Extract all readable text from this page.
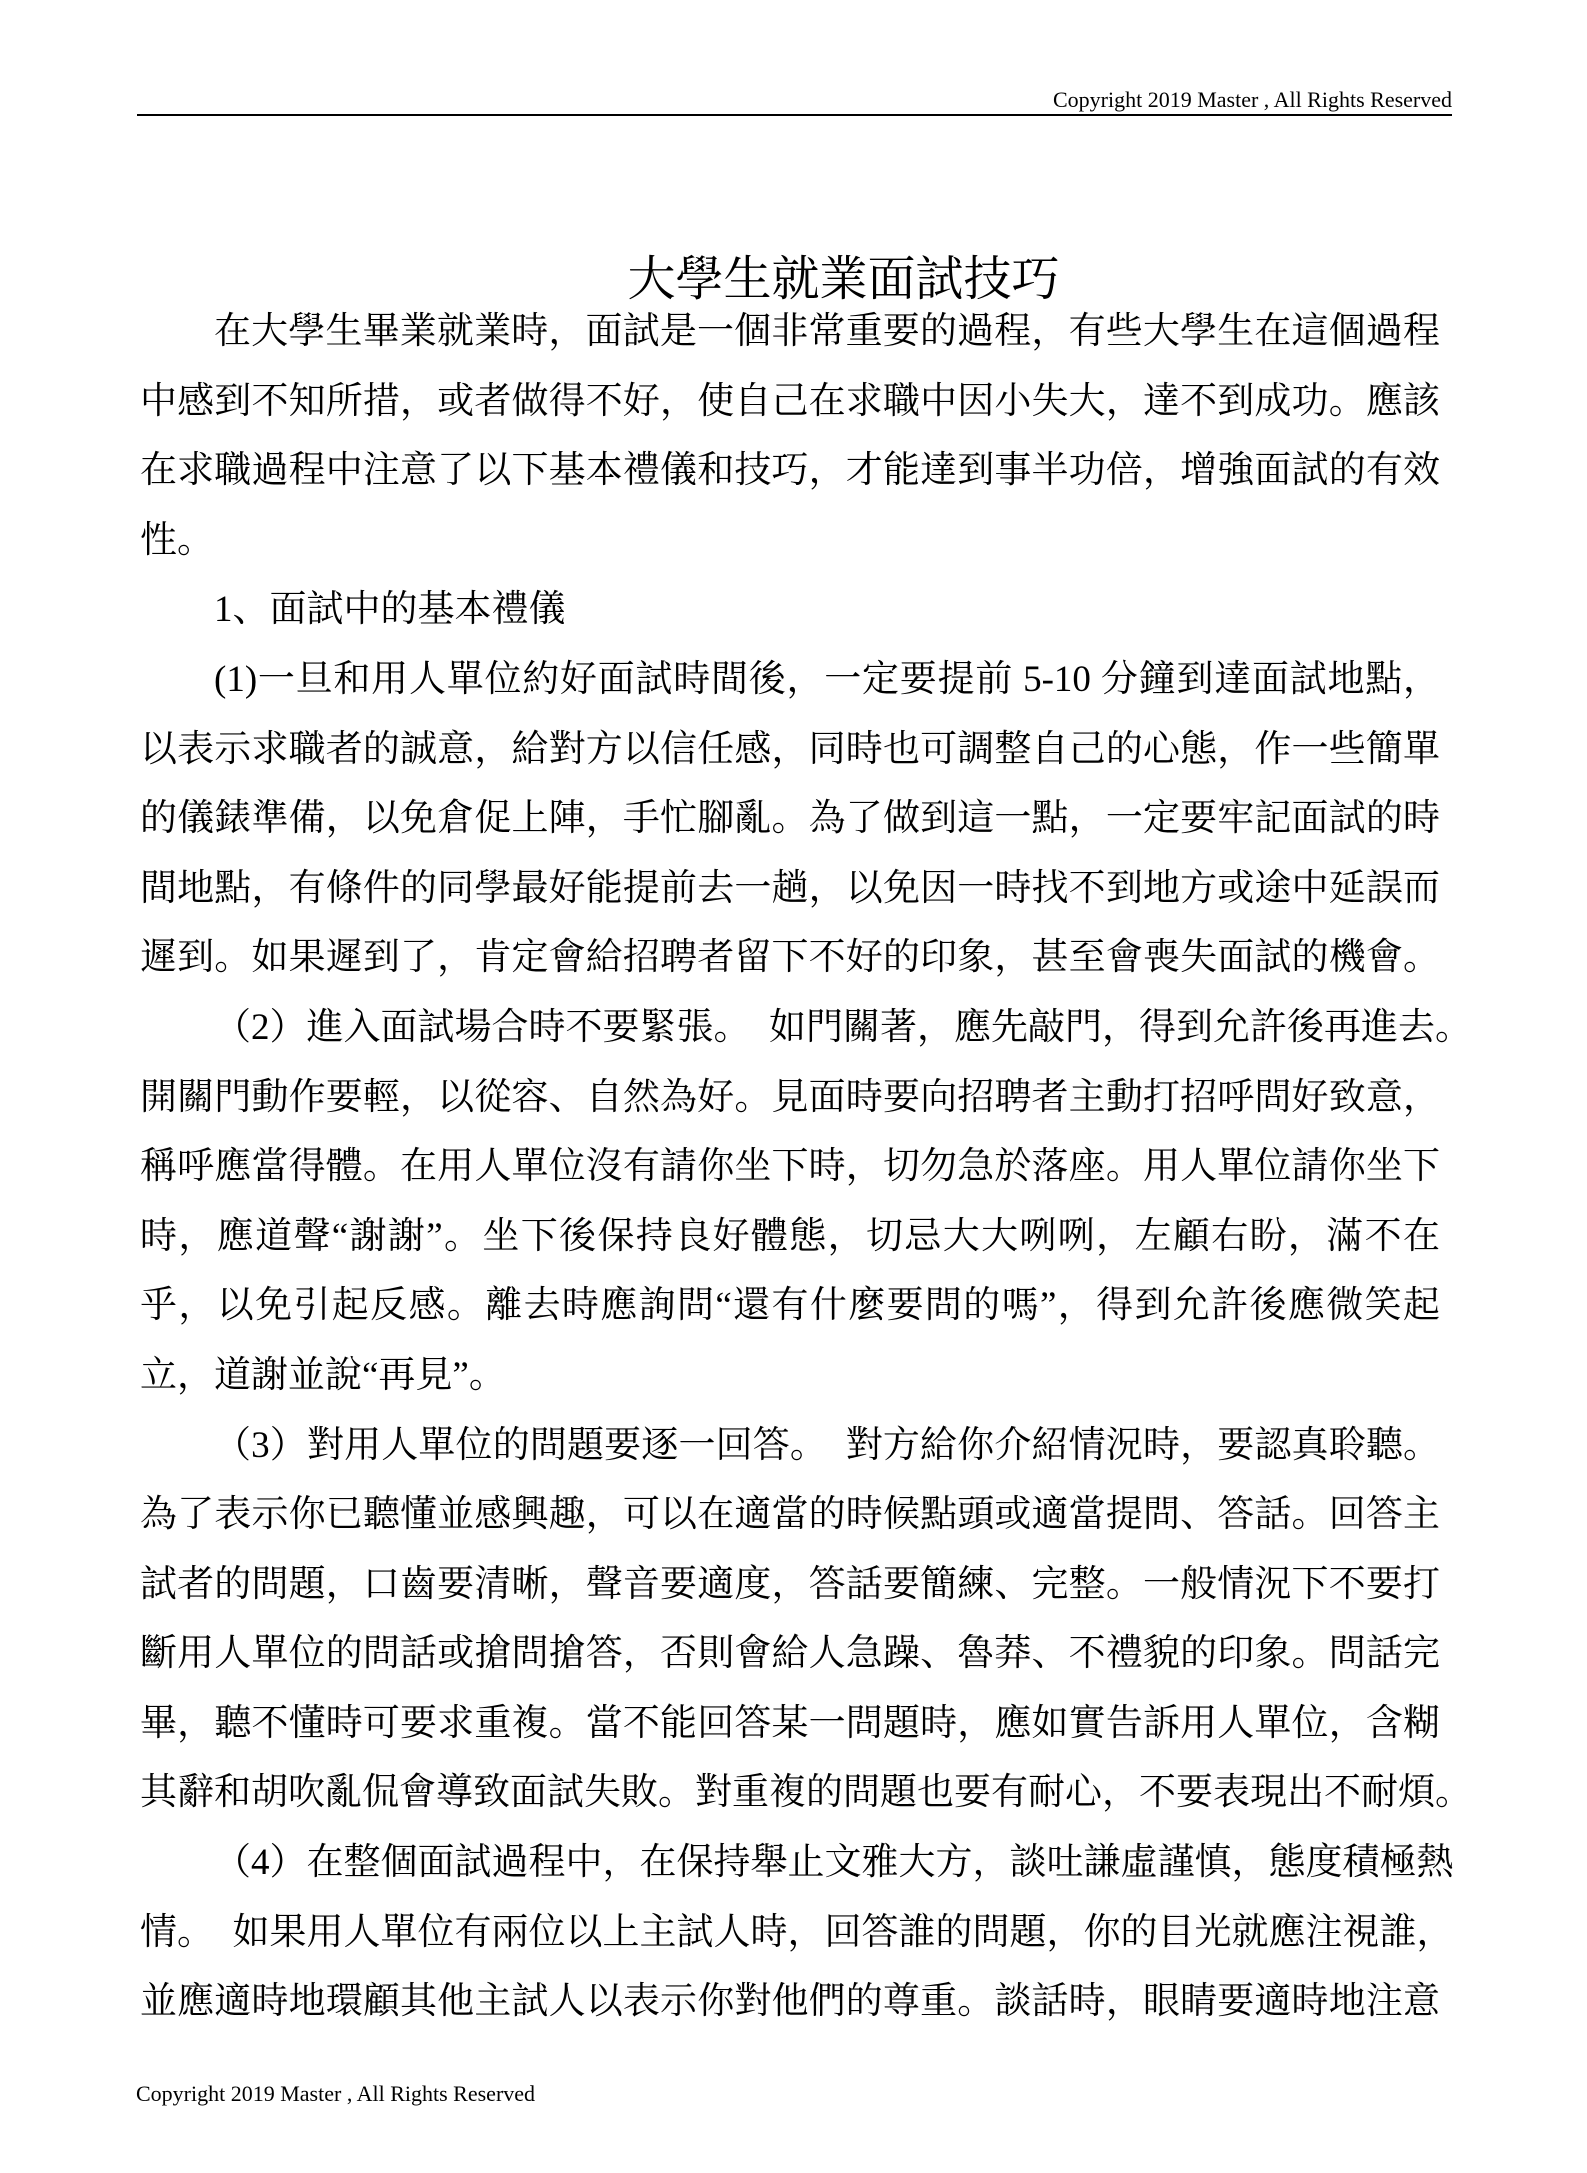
Copyright 2019 Master , All Rights Reserved
大學生就業面試技巧
在大學生畢業就業時，面試是一個非常重要的過程，有些大學生在這個過程
中感到不知所措，或者做得不好，使自己在求職中因小失大，達不到成功。應該
在求職過程中注意了以下基本禮儀和技巧，才能達到事半功倍，增強面試的有效
性。
1、面試中的基本禮儀
(1)一旦和用人單位約好面試時間後，一定要提前 5-10 分鐘到達面試地點，
以表示求職者的誠意，給對方以信任感，同時也可調整自己的心態，作一些簡單
的儀錶準備，以免倉促上陣，手忙腳亂。為了做到這一點，一定要牢記面試的時
間地點，有條件的同學最好能提前去一趟，以免因一時找不到地方或途中延誤而
遲到。如果遲到了，肯定會給招聘者留下不好的印象，甚至會喪失面試的機會。
（2）進入面試場合時不要緊張。　如門關著，應先敲門，得到允許後再進去。
開關門動作要輕，以從容、自然為好。見面時要向招聘者主動打招呼問好致意，
稱呼應當得體。在用人單位沒有請你坐下時，切勿急於落座。用人單位請你坐下
時，應道聲“謝謝”。坐下後保持良好體態，切忌大大咧咧，左顧右盼，滿不在
乎，以免引起反感。離去時應詢問“還有什麼要問的嗎”，得到允許後應微笑起
立，道謝並說“再見”。
（3）對用人單位的問題要逐一回答。　對方給你介紹情況時，要認真聆聽。
為了表示你已聽懂並感興趣，可以在適當的時候點頭或適當提問、答話。回答主
試者的問題，口齒要清晰，聲音要適度，答話要簡練、完整。一般情況下不要打
斷用人單位的問話或搶問搶答，否則會給人急躁、魯莽、不禮貌的印象。問話完
畢，聽不懂時可要求重複。當不能回答某一問題時，應如實告訴用人單位，含糊
其辭和胡吹亂侃會導致面試失敗。對重複的問題也要有耐心，不要表現出不耐煩。
（4）在整個面試過程中，在保持舉止文雅大方，談吐謙虛謹慎，態度積極熱
情。　如果用人單位有兩位以上主試人時，回答誰的問題，你的目光就應注視誰，
並應適時地環顧其他主試人以表示你對他們的尊重。談話時，眼睛要適時地注意
Copyright 2019 Master , All Rights Reserved
